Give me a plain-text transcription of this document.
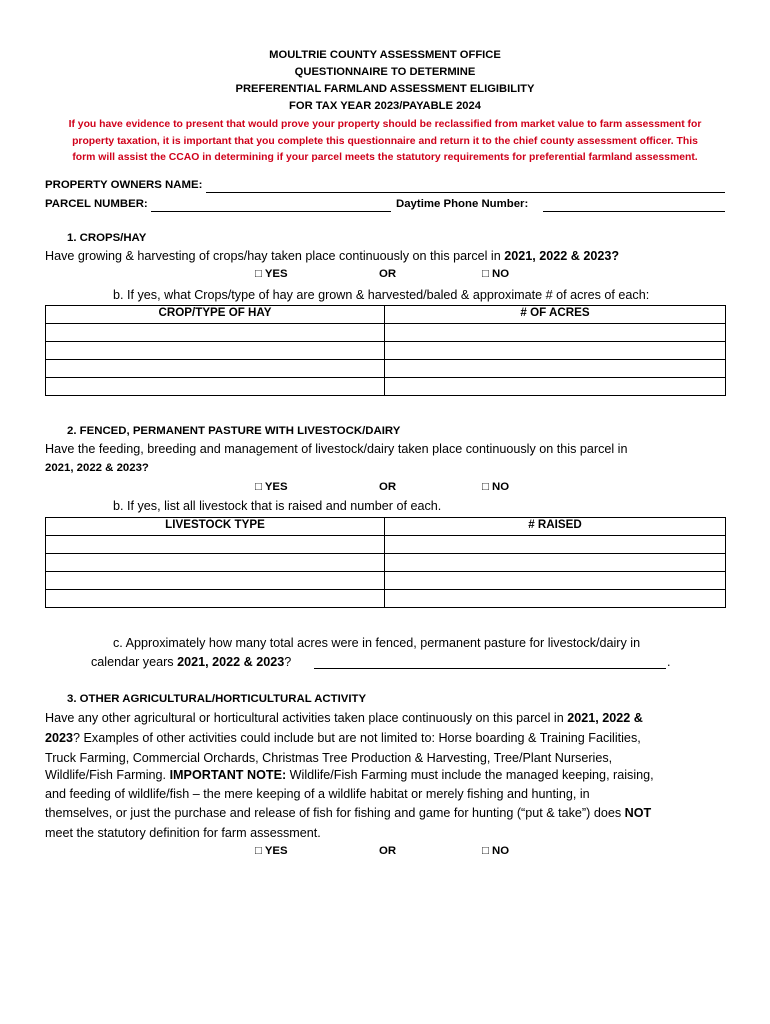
MOULTRIE COUNTY ASSESSMENT OFFICE
QUESTIONNAIRE TO DETERMINE
PREFERENTIAL FARMLAND ASSESSMENT ELIGIBILITY
FOR TAX YEAR 2023/PAYABLE 2024
If you have evidence to present that would prove your property should be reclassified from market value to farm assessment for
property taxation, it is important that you complete this questionnaire and return it to the chief county assessment officer. This
form will assist the CCAO in determining if your parcel meets the statutory requirements for preferential farmland assessment.
PROPERTY OWNERS NAME:
PARCEL NUMBER:	Daytime Phone Number:
1. CROPS/HAY
Have growing & harvesting of crops/hay taken place continuously on this parcel in 2021, 2022 & 2023?
□ YES	OR	□ NO
b. If yes, what Crops/type of hay are grown & harvested/baled & approximate # of acres of each:
CROP/TYPE OF HAY	# OF ACRES

2. FENCED, PERMANENT PASTURE WITH LIVESTOCK/DAIRY
Have the feeding, breeding and management of livestock/dairy taken place continuously on this parcel in
2021, 2022 & 2023?
□ YES	OR	□ NO
b. If yes, list all livestock that is raised and number of each.
LIVESTOCK TYPE	# RAISED

c. Approximately how many total acres were in fenced, permanent pasture for livestock/dairy in
calendar years 2021, 2022 & 2023?	.
3. OTHER AGRICULTURAL/HORTICULTURAL ACTIVITY
Have any other agricultural or horticultural activities taken place continuously on this parcel in 2021, 2022 &
2023? Examples of other activities could include but are not limited to: Horse boarding & Training Facilities,
Truck Farming, Commercial Orchards, Christmas Tree Production & Harvesting, Tree/Plant Nurseries,
Wildlife/Fish Farming. IMPORTANT NOTE: Wildlife/Fish Farming must include the managed keeping, raising,
and feeding of wildlife/fish – the mere keeping of a wildlife habitat or merely fishing and hunting, in
themselves, or just the purchase and release of fish for fishing and game for hunting (“put & take”) does NOT
meet the statutory definition for farm assessment.
□ YES	OR	□ NO
